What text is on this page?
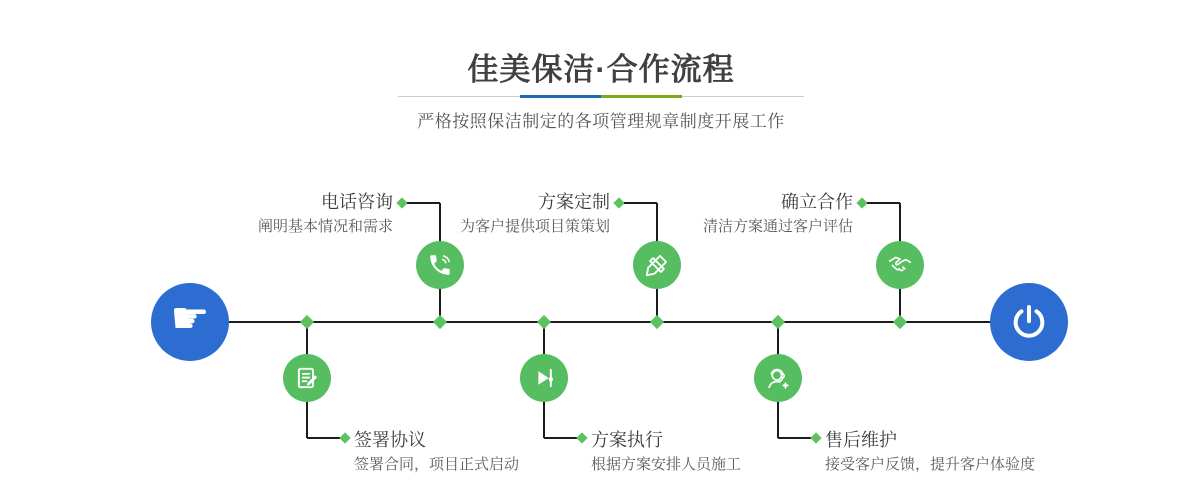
佳美保洁·合作流程
严格按照保洁制定的各项管理规章制度开展工作
☛
电话咨询
阐明基本情况和需求
方案定制
为客户提供项目策策划
确立合作
清洁方案通过客户评估
签署协议
签署合同，项目正式启动
方案执行
根据方案安排人员施工
售后维护
接受客户反馈，提升客户体验度
